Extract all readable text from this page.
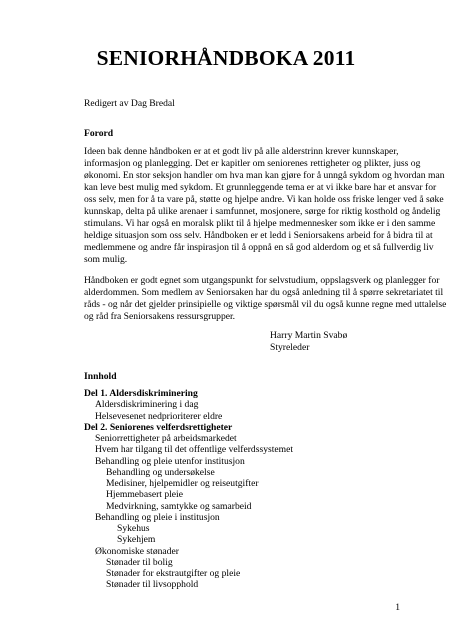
SENIORHÅNDBOKA 2011
Redigert av Dag Bredal
Forord
Ideen bak denne håndboken er at et godt liv på alle alderstrinn krever kunnskaper,
informasjon og planlegging. Det er kapitler om seniorenes rettigheter og plikter, juss og
økonomi. En stor seksjon handler om hva man kan gjøre for å unngå sykdom og hvordan man
kan leve best mulig med sykdom. Et grunnleggende tema er at vi ikke bare har et ansvar for
oss selv, men for å ta vare på, støtte og hjelpe andre. Vi kan holde oss friske lenger ved å søke
kunnskap, delta på ulike arenaer i samfunnet, mosjonere, sørge for riktig kosthold og åndelig
stimulans. Vi har også en moralsk plikt til å hjelpe medmennesker som ikke er i den samme
heldige situasjon som oss selv. Håndboken er et ledd i Seniorsakens arbeid for å bidra til at
medlemmene og andre får inspirasjon til å oppnå en så god alderdom og et så fullverdig liv
som mulig.
Håndboken er godt egnet som utgangspunkt for selvstudium, oppslagsverk og planlegger for
alderdommen. Som medlem av Seniorsaken har du også anledning til å spørre sekretariatet til
råds - og når det gjelder prinsipielle og viktige spørsmål vil du også kunne regne med uttalelse
og råd fra Seniorsakens ressursgrupper.
Harry Martin Svabø
Styreleder
Innhold
Del 1. Aldersdiskriminering
Aldersdiskriminering i dag
Helsevesenet nedprioriterer eldre
Del 2. Seniorenes velferdsrettigheter
Seniorrettigheter på arbeidsmarkedet
Hvem har tilgang til det offentlige velferdssystemet
Behandling og pleie utenfor institusjon
Behandling og undersøkelse
Medisiner, hjelpemidler og reiseutgifter
Hjemmebasert pleie
Medvirkning, samtykke og samarbeid
Behandling og pleie i institusjon
Sykehus
Sykehjem
Økonomiske stønader
Stønader til bolig
Stønader for ekstrautgifter og pleie
Stønader til livsopphold
1
